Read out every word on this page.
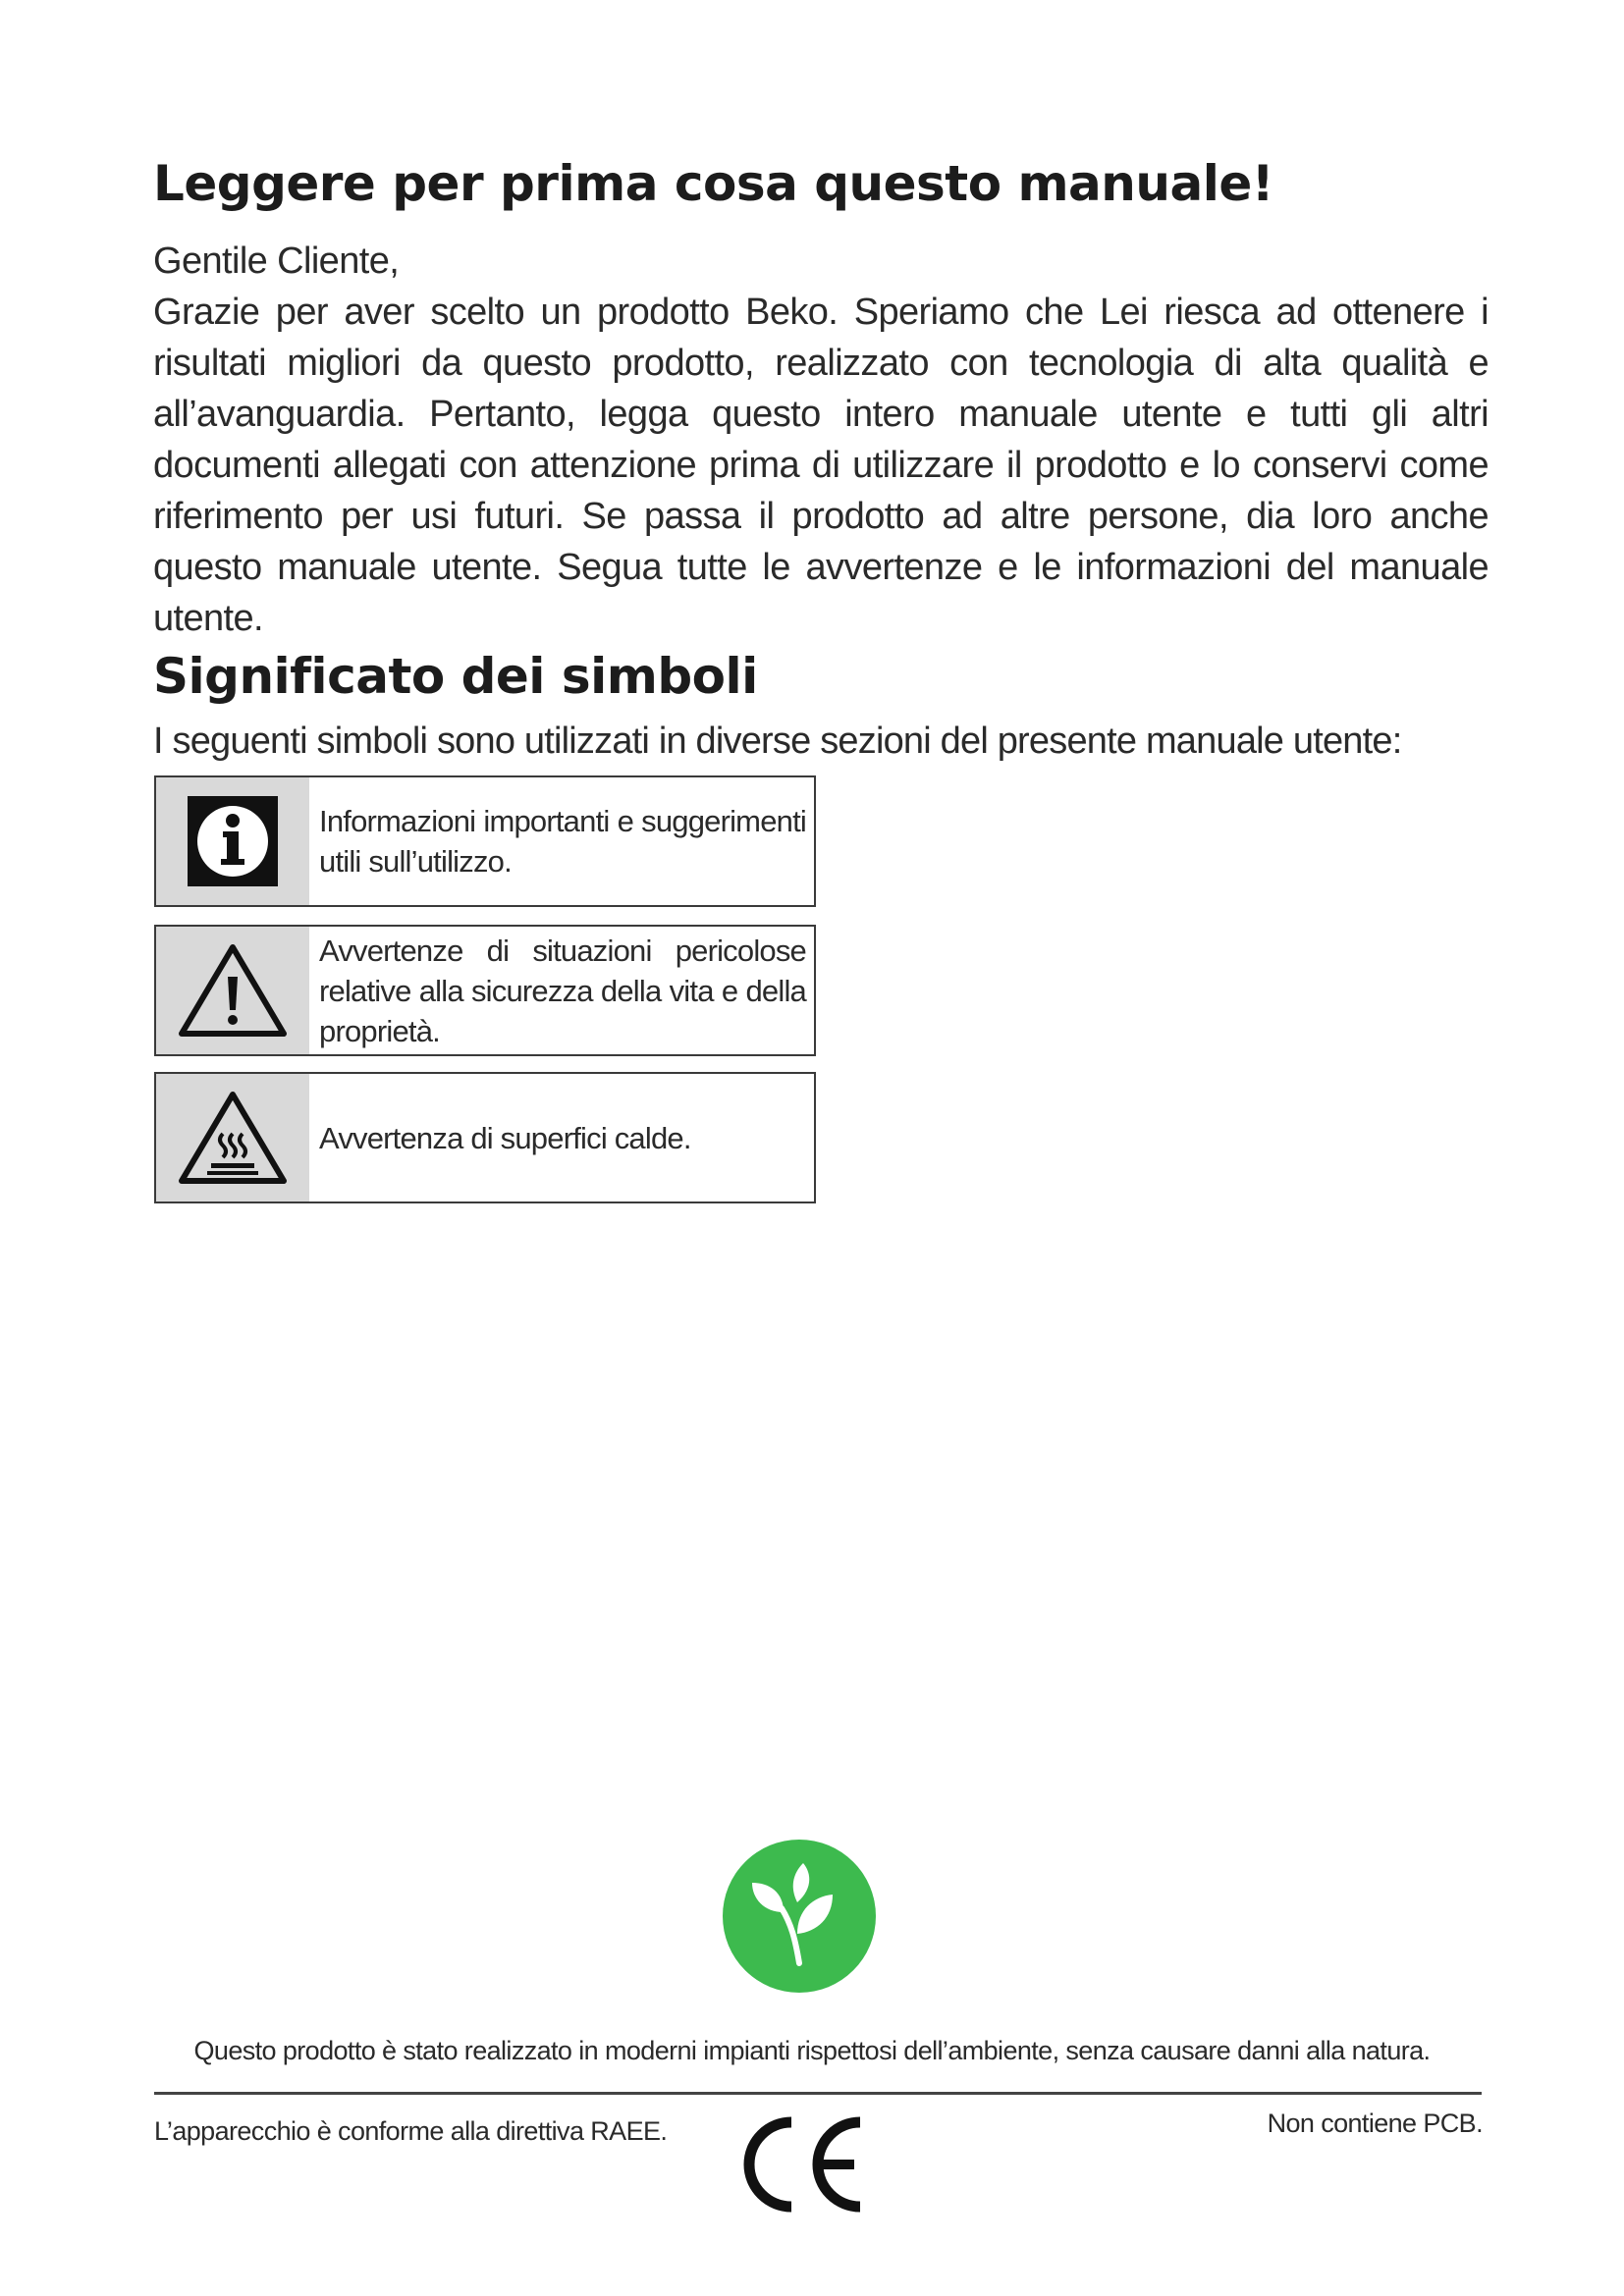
Leggere per prima cosa questo manuale!

Gentile Cliente,

Grazie per aver scelto un prodotto Beko. Speriamo che Lei riesca ad ottenere i risultati migliori da questo prodotto, realizzato con tecnologia di alta qualità e all’avanguardia. Pertanto, legga questo intero manuale utente e tutti gli altri documenti allegati con attenzione prima di utilizzare il prodotto e lo conservi come riferimento per usi futuri. Se passa il prodotto ad altre persone, dia loro anche questo manuale utente. Segua tutte le avvertenze e le informazioni del manuale utente.

Significato dei simboli

I seguenti simboli sono utilizzati in diverse sezioni del presente manuale utente:

Informazioni importanti e suggerimenti utili sull’utilizzo.
Avvertenze di situazioni pericolose relative alla sicurezza della vita e della proprietà.
Avvertenza di superfici calde.

Questo prodotto è stato realizzato in moderni impianti rispettosi dell’ambiente, senza causare danni alla natura.

L’apparecchio è conforme alla direttiva RAEE.	Non contiene PCB.
